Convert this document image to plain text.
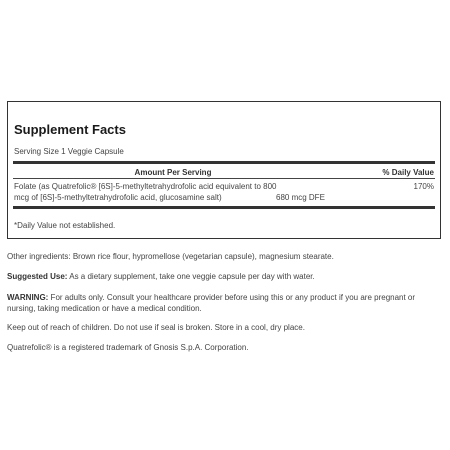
Supplement Facts
Serving Size 1 Veggie Capsule
Amount Per Serving	% Daily Value
Folate (as Quatrefolic® [6S]-5-methyltetrahydrofolic acid equivalent to 800
mcg of [6S]-5-methyltetrahydrofolic acid, glucosamine salt)	680 mcg DFE
170%
*Daily Value not established.
Other ingredients: Brown rice flour, hypromellose (vegetarian capsule), magnesium stearate.
Suggested Use: As a dietary supplement, take one veggie capsule per day with water.
WARNING: For adults only. Consult your healthcare provider before using this or any product if you are pregnant or nursing, taking medication or have a medical condition.
Keep out of reach of children. Do not use if seal is broken. Store in a cool, dry place.
Quatrefolic® is a registered trademark of Gnosis S.p.A. Corporation.
